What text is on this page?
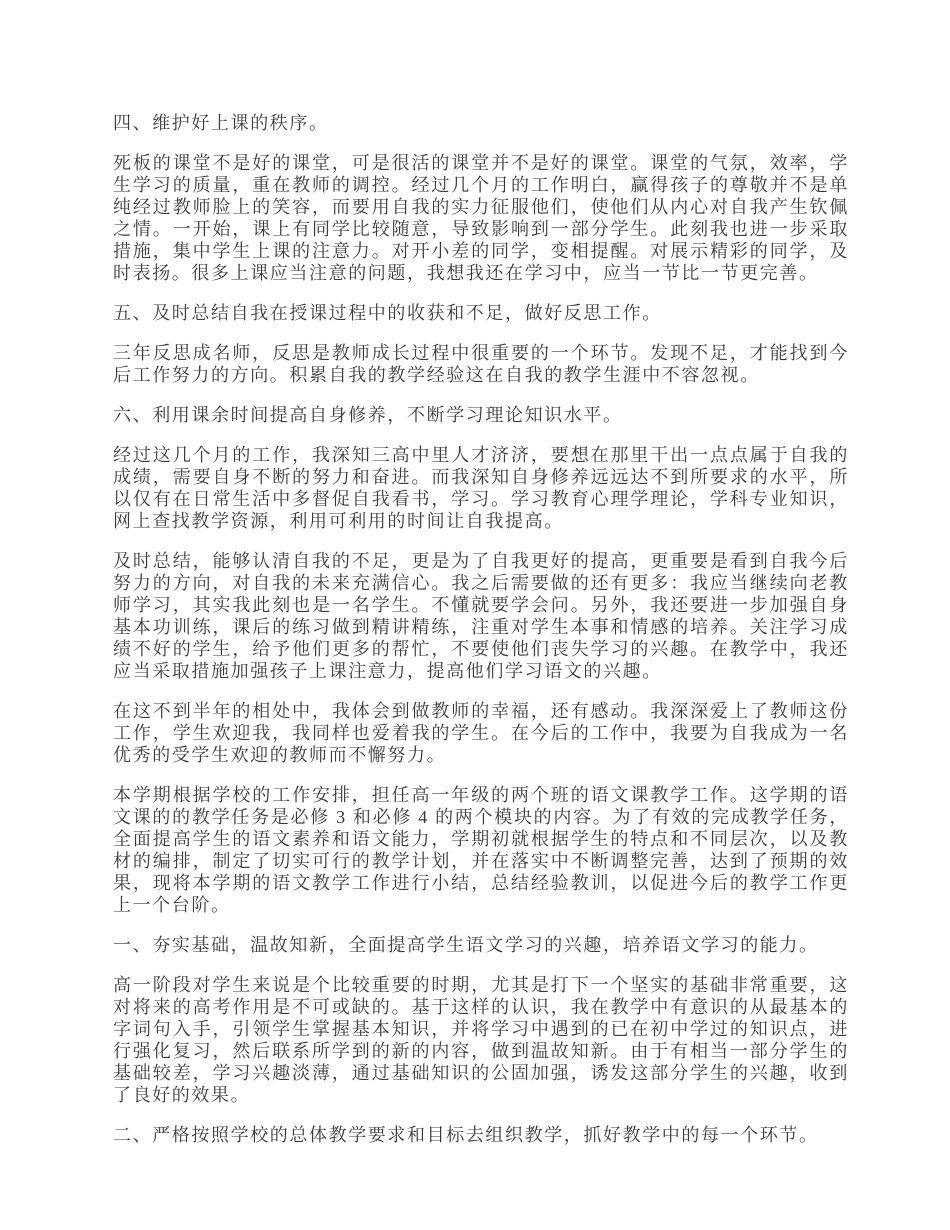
四、维护好上课的秩序。

死板的课堂不是好的课堂，可是很活的课堂并不是好的课堂。课堂的气氛，效率，学生学习的质量，重在教师的调控。经过几个月的工作明白，赢得孩子的尊敬并不是单纯经过教师脸上的笑容，而要用自我的实力征服他们，使他们从内心对自我产生钦佩之情。一开始，课上有同学比较随意，导致影响到一部分学生。此刻我也进一步采取措施，集中学生上课的注意力。对开小差的同学，变相提醒。对展示精彩的同学，及时表扬。很多上课应当注意的问题，我想我还在学习中，应当一节比一节更完善。

五、及时总结自我在授课过程中的收获和不足，做好反思工作。

三年反思成名师，反思是教师成长过程中很重要的一个环节。发现不足，才能找到今后工作努力的方向。积累自我的教学经验这在自我的教学生涯中不容忽视。

六、利用课余时间提高自身修养，不断学习理论知识水平。

经过这几个月的工作，我深知三高中里人才济济，要想在那里干出一点点属于自我的成绩，需要自身不断的努力和奋进。而我深知自身修养远远达不到所要求的水平，所以仅有在日常生活中多督促自我看书，学习。学习教育心理学理论，学科专业知识，网上查找教学资源，利用可利用的时间让自我提高。

及时总结，能够认清自我的不足，更是为了自我更好的提高，更重要是看到自我今后努力的方向，对自我的未来充满信心。我之后需要做的还有更多：我应当继续向老教师学习，其实我此刻也是一名学生。不懂就要学会问。另外，我还要进一步加强自身基本功训练，课后的练习做到精讲精练，注重对学生本事和情感的培养。关注学习成绩不好的学生，给予他们更多的帮忙，不要使他们丧失学习的兴趣。在教学中，我还应当采取措施加强孩子上课注意力，提高他们学习语文的兴趣。

在这不到半年的相处中，我体会到做教师的幸福，还有感动。我深深爱上了教师这份工作，学生欢迎我，我同样也爱着我的学生。在今后的工作中，我要为自我成为一名优秀的受学生欢迎的教师而不懈努力。

本学期根据学校的工作安排，担任高一年级的两个班的语文课教学工作。这学期的语文课的的教学任务是必修 3 和必修 4 的两个模块的内容。为了有效的完成教学任务，全面提高学生的语文素养和语文能力，学期初就根据学生的特点和不同层次，以及教材的编排，制定了切实可行的教学计划，并在落实中不断调整完善，达到了预期的效果，现将本学期的语文教学工作进行小结，总结经验教训，以促进今后的教学工作更上一个台阶。

一、夯实基础，温故知新，全面提高学生语文学习的兴趣，培养语文学习的能力。

高一阶段对学生来说是个比较重要的时期，尤其是打下一个坚实的基础非常重要，这对将来的高考作用是不可或缺的。基于这样的认识，我在教学中有意识的从最基本的字词句入手，引领学生掌握基本知识，并将学习中遇到的已在初中学过的知识点，进行强化复习，然后联系所学到的新的内容，做到温故知新。由于有相当一部分学生的基础较差，学习兴趣淡薄，通过基础知识的公固加强，诱发这部分学生的兴趣，收到了良好的效果。

二、严格按照学校的总体教学要求和目标去组织教学，抓好教学中的每一个环节。
